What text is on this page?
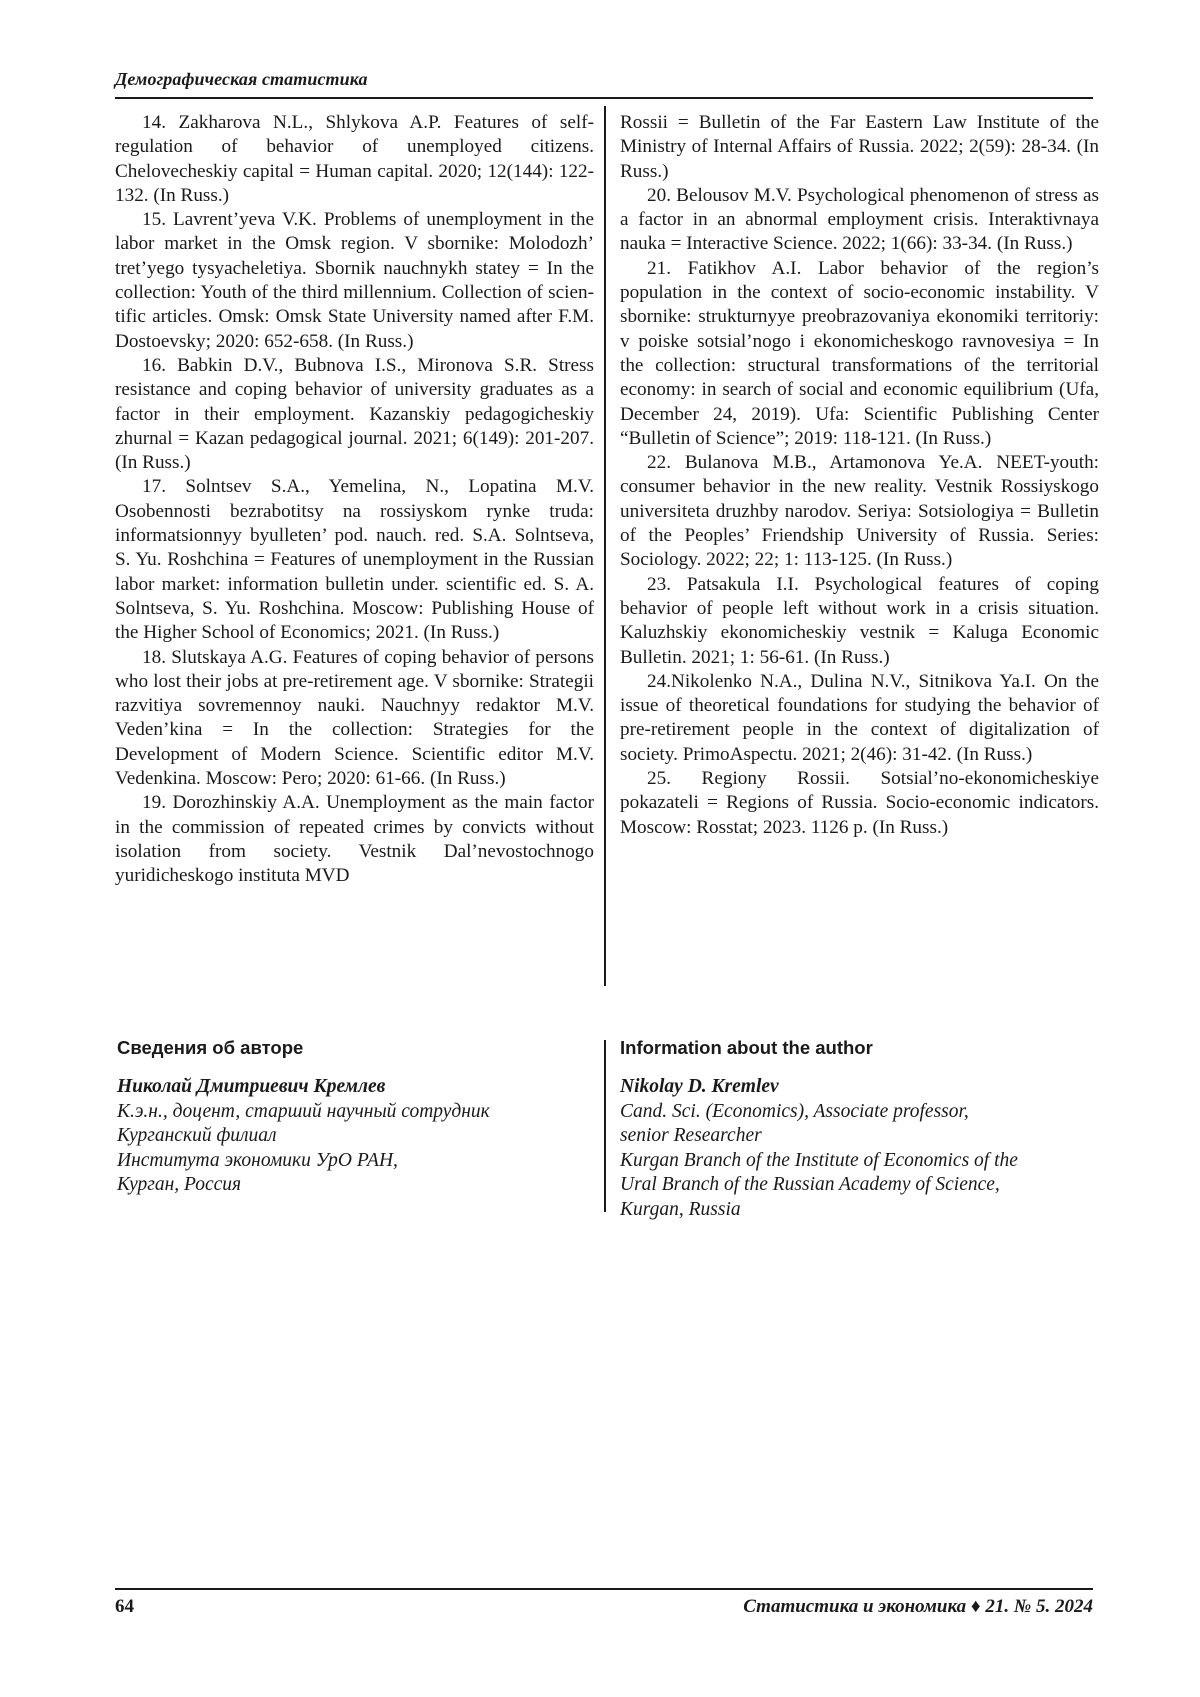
Демографическая статистика

14. Zakharova N.L., Shlykova A.P. Features of self-regulation of behavior of unemployed citizens. Chelovecheskiy capital = Human capital. 2020; 12(144): 122-132. (In Russ.)

15. Lavrent’yeva V.K. Problems of unemployment in the labor market in the Omsk region. V sbornike: Molodozh’ tret’yego tysyacheletiya. Sbornik nauchnykh statey = In the collection: Youth of the third millennium. Collection of scientific articles. Omsk: Omsk State University named after F.M. Dostoevsky; 2020: 652-658. (In Russ.)

16. Babkin D.V., Bubnova I.S., Mironova S.R. Stress resistance and coping behavior of university graduates as a factor in their employment. Kazanskiy pedagogicheskiy zhurnal = Kazan pedagogical journal. 2021; 6(149): 201-207. (In Russ.)

17. Solntsev S.A., Yemelina, N., Lopatina M.V. Osobennosti bezrabotitsy na rossiyskom rynke truda: informatsionnyy byulleten’ pod. nauch. red. S.A. Solntseva, S. Yu. Roshchina = Features of unemployment in the Russian labor market: information bulletin under. scientific ed. S. A. Solntseva, S. Yu. Roshchina. Moscow: Publishing House of the Higher School of Economics; 2021. (In Russ.)

18. Slutskaya A.G. Features of coping behavior of persons who lost their jobs at pre-retirement age. V sbornike: Strategii razvitiya sovremennoy nauki. Nauchnyy redaktor M.V. Veden’kina = In the collection: Strategies for the Development of Modern Science. Scientific editor M.V. Vedenkina. Moscow: Pero; 2020: 61-66. (In Russ.)

19. Dorozhinskiy A.A. Unemployment as the main factor in the commission of repeated crimes by convicts without isolation from society. Vestnik Dal’nevostochnogo yuridicheskogo instituta MVD

Rossii = Bulletin of the Far Eastern Law Institute of the Ministry of Internal Affairs of Russia. 2022; 2(59): 28-34. (In Russ.)

20. Belousov M.V. Psychological phenomenon of stress as a factor in an abnormal employment crisis. Interaktivnaya nauka = Interactive Science. 2022; 1(66): 33-34. (In Russ.)

21. Fatikhov A.I. Labor behavior of the region’s population in the context of socio-economic instability. V sbornike: strukturnyye preobrazovaniya ekonomiki territoriy: v poiske sotsial’nogo i ekonomicheskogo ravnovesiya = In the collection: structural transformations of the territorial economy: in search of social and economic equilibrium (Ufa, December 24, 2019). Ufa: Scientific Publishing Center “Bulletin of Science”; 2019: 118-121. (In Russ.)

22. Bulanova M.B., Artamonova Ye.A. NEET-youth: consumer behavior in the new reality. Vestnik Rossiyskogo universiteta druzhby narodov. Seriya: Sotsiologiya = Bulletin of the Peoples’ Friendship University of Russia. Series: Sociology. 2022; 22; 1: 113-125. (In Russ.)

23. Patsakula I.I. Psychological features of coping behavior of people left without work in a crisis situation. Kaluzhskiy ekonomicheskiy vestnik = Kaluga Economic Bulletin. 2021; 1: 56-61. (In Russ.)

24.Nikolenko N.A., Dulina N.V., Sitnikova Ya.I. On the issue of theoretical foundations for studying the behavior of pre-retirement people in the context of digitalization of society. PrimoAspectu. 2021; 2(46): 31-42. (In Russ.)

25. Regiony Rossii. Sotsial’no-ekonomicheskiye pokazateli = Regions of Russia. Socio-economic indicators. Moscow: Rosstat; 2023. 1126 p. (In Russ.)

Сведения об авторе
Николай Дмитриевич Кремлев
К.э.н., доцент, старший научный сотрудник
Курганский филиал
Института экономики УрО РАН,
Курган, Россия
Information about the author
Nikolay D. Kremlev
Cand. Sci. (Economics), Associate professor,
senior Researcher
Kurgan Branch of the Institute of Economics of the
Ural Branch of the Russian Academy of Science,
Kurgan, Russia
64	Статистика и экономика ♦ 21. № 5. 2024
